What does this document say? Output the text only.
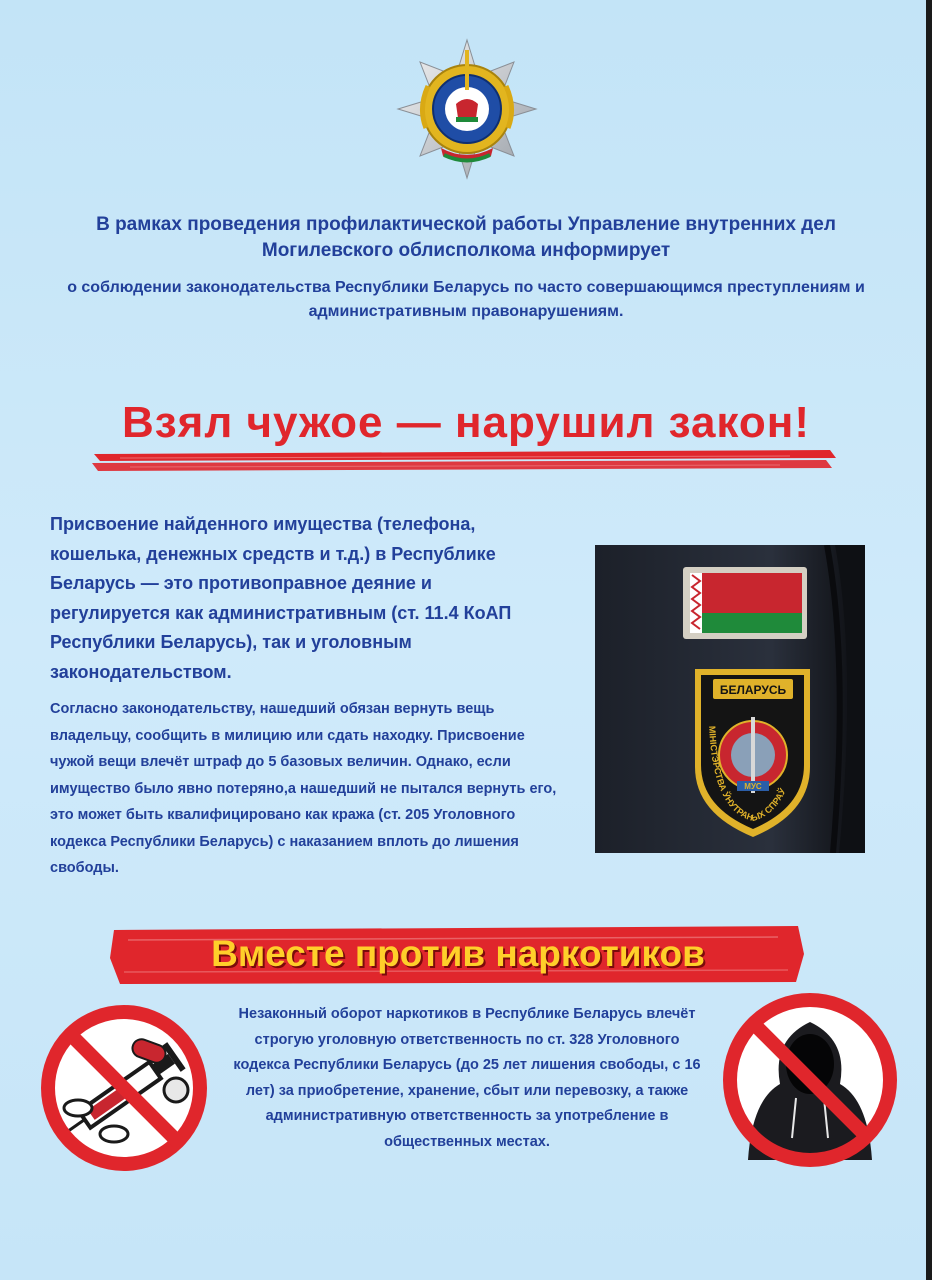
В рамках проведения профилактической работы Управление внутренних дел Могилевского облисполкома информирует
о соблюдении законодательства Республики Беларусь по часто совершающимся преступлениям и административным правонарушениям.
Взял чужое — нарушил закон!

Присвоение найденного имущества (телефона, кошелька, денежных средств и т.д.) в Республике Беларусь — это противоправное деяние и регулируется как административным (ст. 11.4 КоАП Республики Беларусь), так и уголовным законодательством.

Согласно законодательству, нашедший обязан вернуть вещь владельцу, сообщить в милицию или сдать находку. Присвоение чужой вещи влечёт штраф до 5 базовых величин. Однако, если имущество было явно потеряно,а нашедший не пытался вернуть его, это может быть квалифицировано как кража (ст. 205 Уголовного кодекса Республики Беларусь) с наказанием вплоть до лишения свободы.

БЕЛАРУСЬ
МУС
МІНІСТЭРСТВА ЎНУТРАНЫХ СПРАЎ
Вместе против наркотиков

Незаконный оборот наркотиков в Республике Беларусь влечёт строгую уголовную ответственность по ст. 328 Уголовного кодекса Республики Беларусь (до 25 лет лишения свободы, с 16 лет) за приобретение, хранение, сбыт или перевозку, а также административную ответственность за употребление в общественных местах.
